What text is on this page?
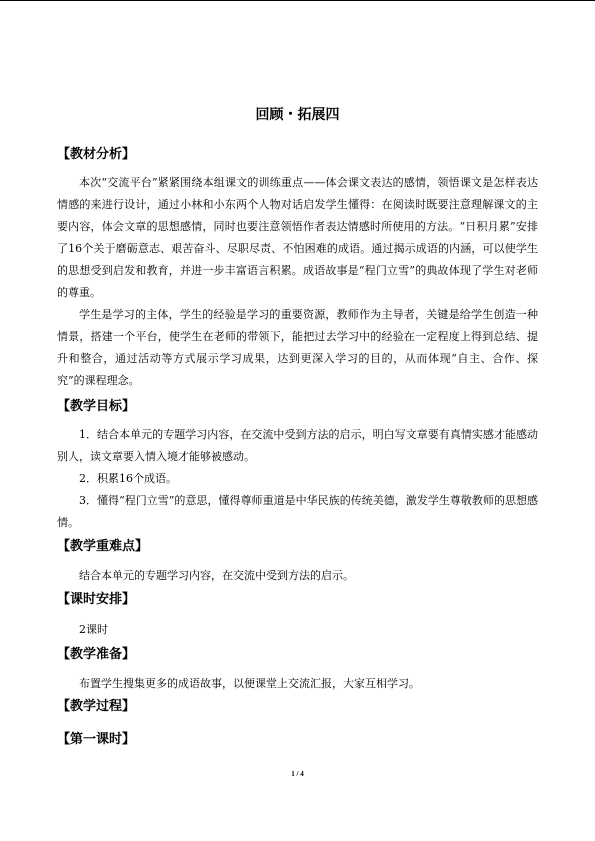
回顾・拓展四
【教材分析】

本次“交流平台”紧紧围绕本组课文的训练重点——体会课文表达的感情，领悟课文是怎样表达情感的来进行设计，通过小林和小东两个人物对话启发学生懂得：在阅读时既要注意理解课文的主要内容，体会文章的思想感情，同时也要注意领悟作者表达情感时所使用的方法。“日积月累”安排了16个关于磨砺意志、艰苦奋斗、尽职尽责、不怕困难的成语。通过揭示成语的内涵，可以使学生的思想受到启发和教育，并进一步丰富语言积累。成语故事是“程门立雪”的典故体现了学生对老师的尊重。

学生是学习的主体，学生的经验是学习的重要资源，教师作为主导者，关键是给学生创造一种情景，搭建一个平台，使学生在老师的带领下，能把过去学习中的经验在一定程度上得到总结、提升和整合，通过活动等方式展示学习成果，达到更深入学习的目的，从而体现“自主、合作、探究”的课程理念。

【教学目标】

1．结合本单元的专题学习内容，在交流中受到方法的启示，明白写文章要有真情实感才能感动别人，读文章要入情入境才能够被感动。

2．积累16个成语。

3．懂得“程门立雪”的意思，懂得尊师重道是中华民族的传统美德，激发学生尊敬教师的思想感情。

【教学重难点】

结合本单元的专题学习内容，在交流中受到方法的启示。

【课时安排】

2课时

【教学准备】

布置学生搜集更多的成语故事，以便课堂上交流汇报，大家互相学习。

【教学过程】
【第一课时】
1 / 4
